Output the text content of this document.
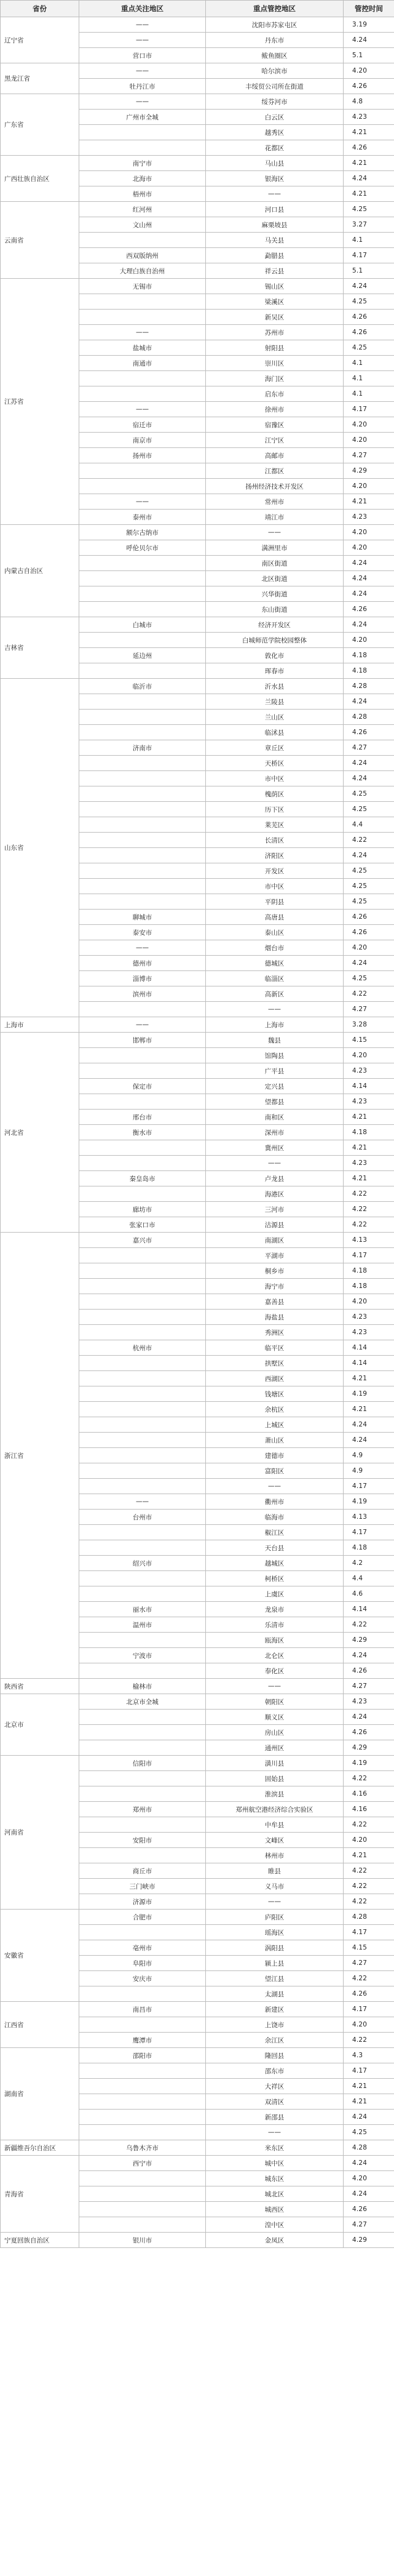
省份	重点关注地区	重点管控地区	管控时间
辽宁省	——	沈阳市苏家屯区	3.19
	——	丹东市	4.24
	营口市	鲅鱼圈区	5.1
黑龙江省	——	哈尔滨市	4.20
	牡丹江市	丰绥贸公司所在街道	4.26
广东省	——	绥芬河市	4.8
	广州市全城	白云区	4.23
		越秀区	4.21
		花都区	4.26
广西壮族自治区	南宁市	马山县	4.21
	北海市	银海区	4.24
	梧州市	——	4.21
云南省	红河州	河口县	4.25
	文山州	麻栗坡县	3.27
		马关县	4.1
	西双版纳州	勐腊县	4.17
	大理白族自治州	祥云县	5.1
江苏省	无锡市	锡山区	4.24
		梁溪区	4.25
		新吴区	4.26
	——	苏州市	4.26
	盐城市	射阳县	4.25
	南通市	崇川区	4.1
		海门区	4.1
		启东市	4.1
	——	徐州市	4.17
	宿迁市	宿豫区	4.20
	南京市	江宁区	4.20
	扬州市	高邮市	4.27
		江都区	4.29
		扬州经济技术开发区	4.20
	——	常州市	4.21
	泰州市	靖江市	4.23
内蒙古自治区	额尔古纳市	——	4.20
	呼伦贝尔市	满洲里市	4.20
		南区街道	4.24
		北区街道	4.24
		兴华街道	4.24
		东山街道	4.26
吉林省	白城市	经济开发区	4.24
		白城师范学院校园整体	4.20
	延边州	敦化市	4.18
		珲春市	4.18
山东省	临沂市	沂水县	4.28
		兰陵县	4.24
		兰山区	4.28
		临沭县	4.26
	济南市	章丘区	4.27
		天桥区	4.24
		市中区	4.24
		槐荫区	4.25
		历下区	4.25
		莱芜区	4.4
		长清区	4.22
		济阳区	4.24
		开发区	4.25
		市中区	4.25
		平阴县	4.25
	聊城市	高唐县	4.26
	泰安市	泰山区	4.26
	——	烟台市	4.20
	德州市	德城区	4.24
	淄博市	临淄区	4.25
	滨州市	高新区	4.22
		——	4.27
上海市	——	上海市	3.28
河北省	邯郸市	魏县	4.15
		馆陶县	4.20
		广平县	4.23
	保定市	定兴县	4.14
		望都县	4.23
	邢台市	南和区	4.21
	衡水市	深州市	4.18
		冀州区	4.21
		——	4.23
	秦皇岛市	卢龙县	4.21
		海港区	4.22
	廊坊市	三河市	4.22
	张家口市	沽源县	4.22
浙江省	嘉兴市	南湖区	4.13
		平湖市	4.17
		桐乡市	4.18
		海宁市	4.18
		嘉善县	4.20
		海盐县	4.23
		秀洲区	4.23
	杭州市	临平区	4.14
		拱墅区	4.14
		西湖区	4.21
		钱塘区	4.19
		余杭区	4.21
		上城区	4.24
		萧山区	4.24
		建德市	4.9
		富阳区	4.9
		——	4.17
	——	衢州市	4.19
	台州市	临海市	4.13
		椒江区	4.17
		天台县	4.18
	绍兴市	越城区	4.2
		柯桥区	4.4
		上虞区	4.6
	丽水市	龙泉市	4.14
	温州市	乐清市	4.22
		瓯海区	4.29
	宁波市	北仑区	4.24
		奉化区	4.26
陕西省	榆林市	——	4.27
北京市	北京市全城	朝阳区	4.23
		顺义区	4.24
		房山区	4.26
		通州区	4.29
河南省	信阳市	潢川县	4.19
		固始县	4.22
		淮滨县	4.16
	郑州市	郑州航空港经济综合实验区	4.16
		中牟县	4.22
	安阳市	文峰区	4.20
		林州市	4.21
	商丘市	睢县	4.22
	三门峡市	义马市	4.22
	济源市	——	4.22
安徽省	合肥市	庐阳区	4.28
		瑶海区	4.17
	亳州市	涡阳县	4.15
	阜阳市	颍上县	4.27
	安庆市	望江县	4.22
		太湖县	4.26
江西省	南昌市	新建区	4.17
		上饶市	4.20
	鹰潭市	余江区	4.22
湖南省	邵阳市	隆回县	4.3
		邵东市	4.17
		大祥区	4.21
		双清区	4.21
		新邵县	4.24
		——	4.25
新疆维吾尔自治区	乌鲁木齐市	米东区	4.28
青海省	西宁市	城中区	4.24
		城东区	4.20
		城北区	4.24
		城西区	4.26
		湟中区	4.27
宁夏回族自治区	银川市	金凤区	4.29
